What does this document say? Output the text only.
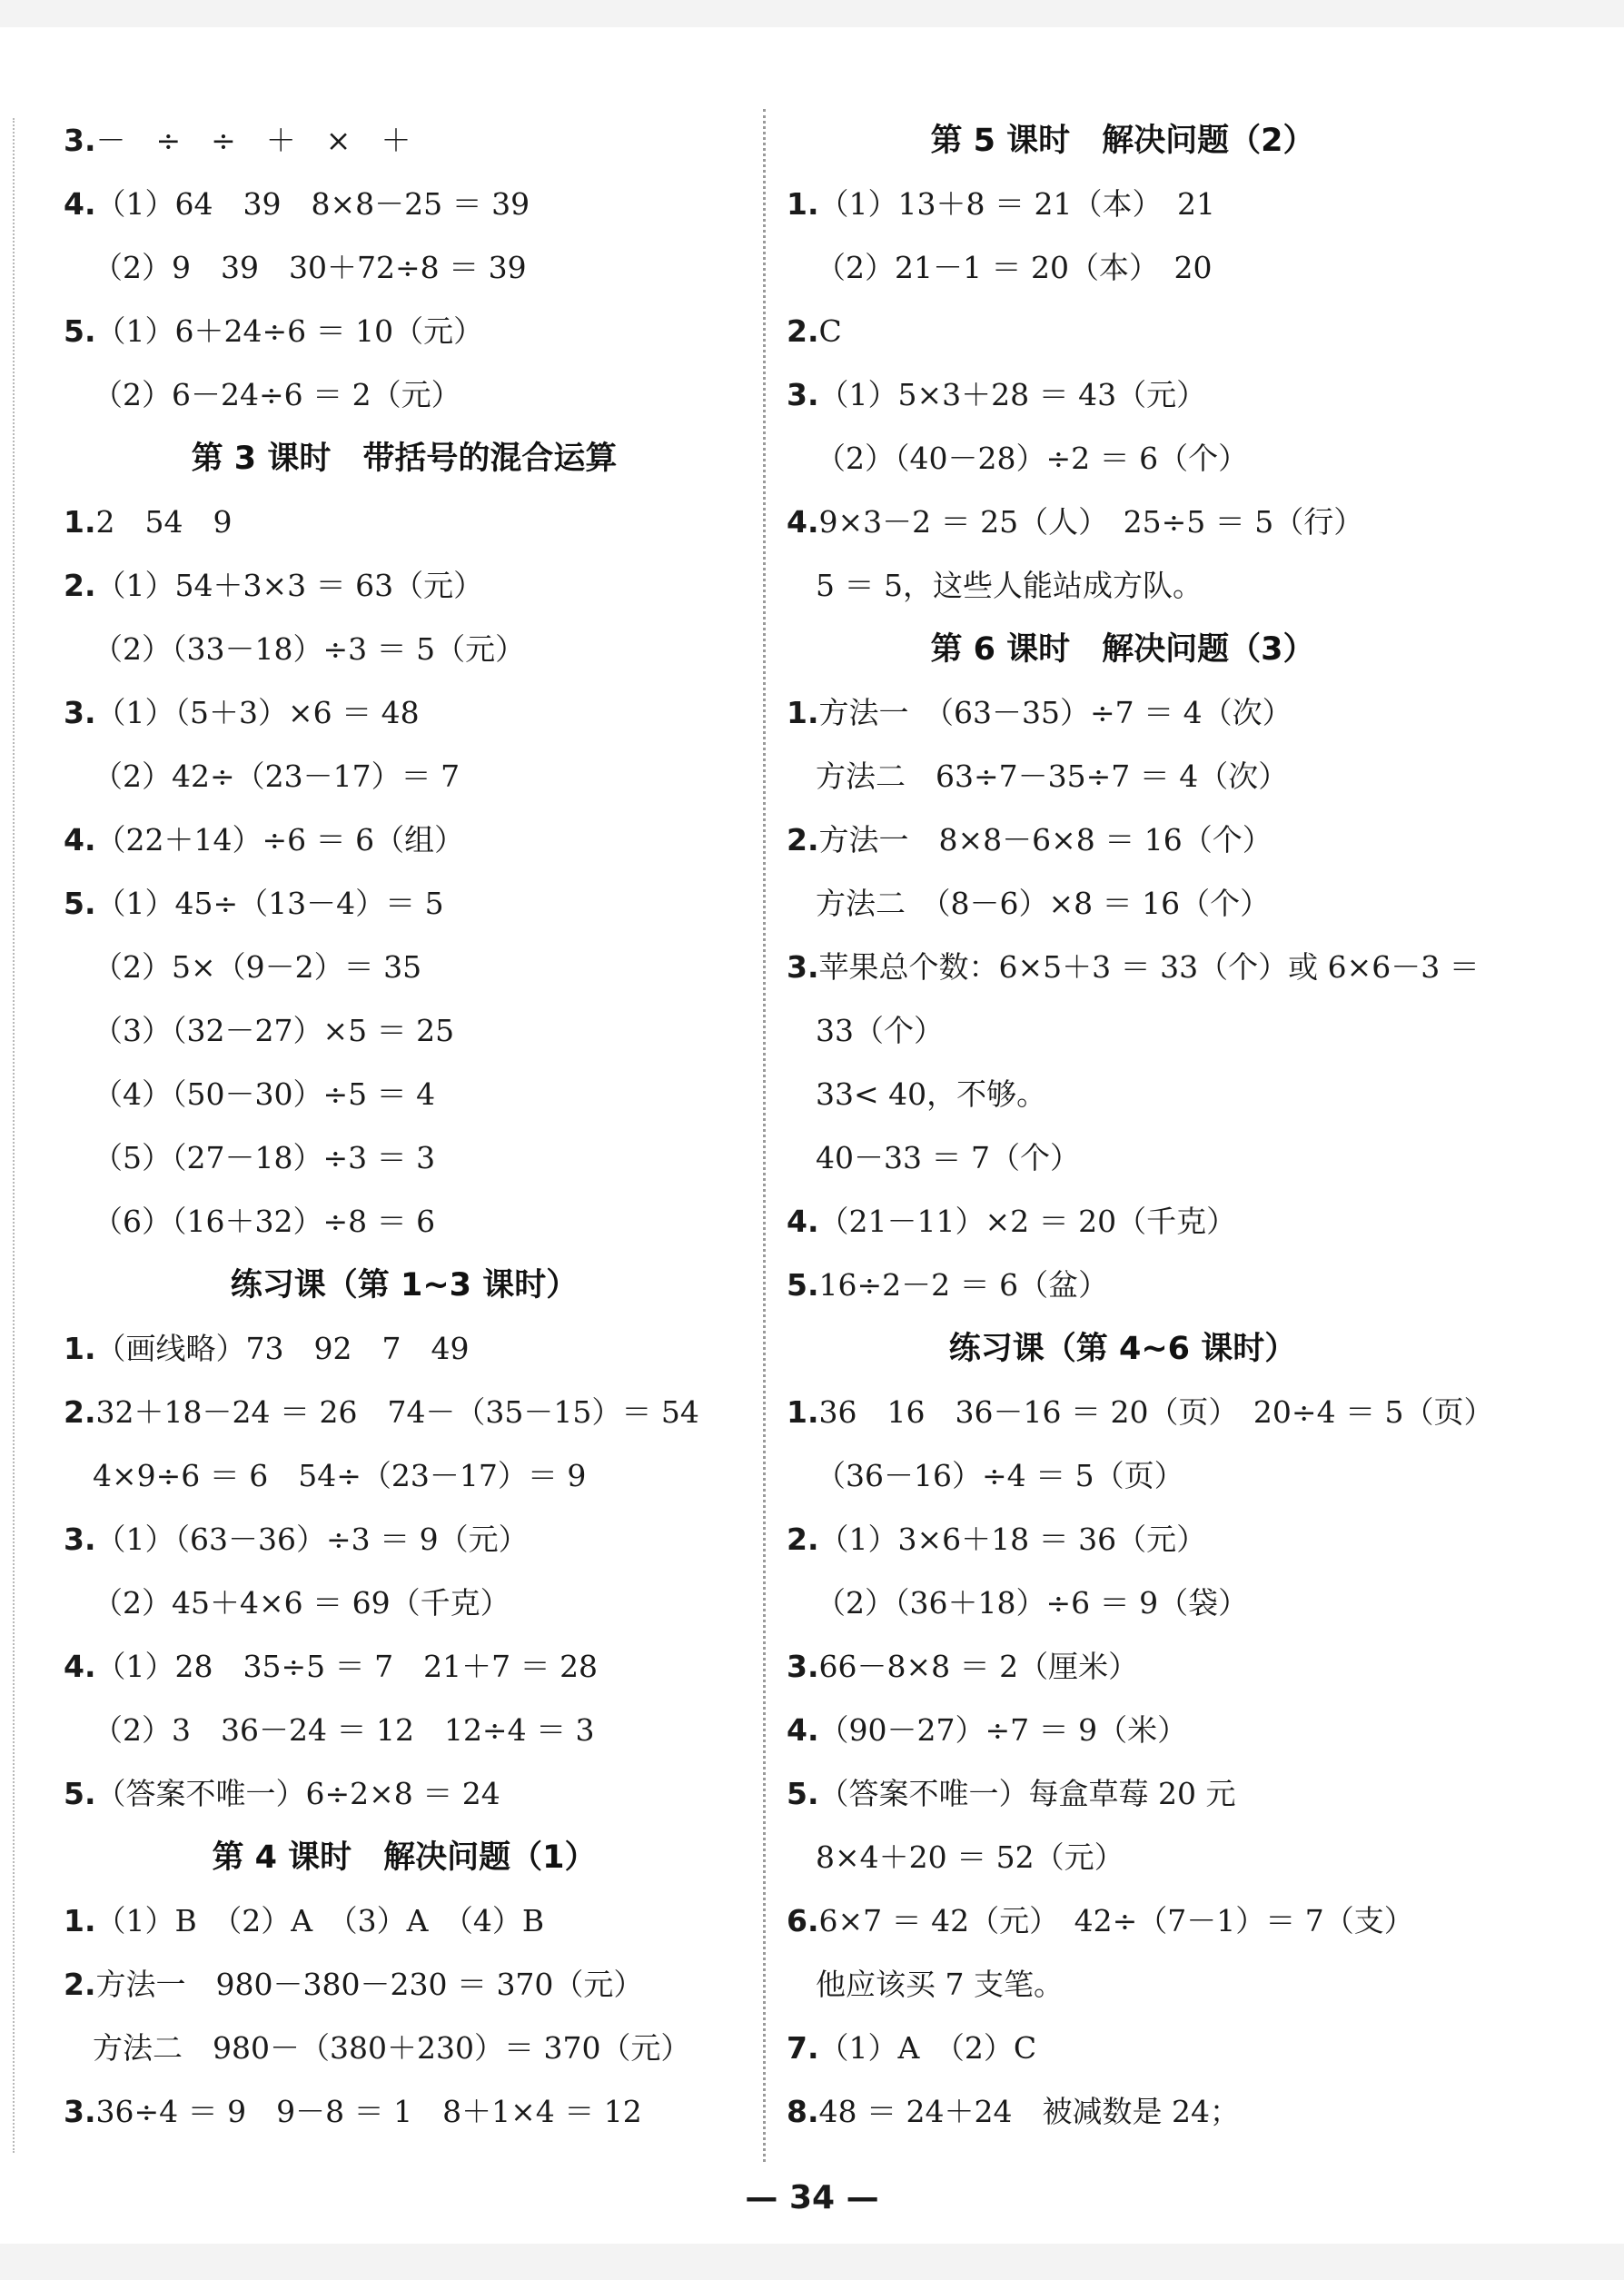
3.－　÷　÷　＋　×　＋
4.（1）64　39　8×8－25 ＝ 39
（2）9　39　30＋72÷8 ＝ 39
5.（1）6＋24÷6 ＝ 10（元）
（2）6－24÷6 ＝ 2（元）
第 3 课时　带括号的混合运算
1.2　54　9
2.（1）54＋3×3 ＝ 63（元）
（2）（33－18）÷3 ＝ 5（元）
3.（1）（5＋3）×6 ＝ 48
（2）42÷（23－17）＝ 7
4.（22＋14）÷6 ＝ 6（组）
5.（1）45÷（13－4）＝ 5
（2）5×（9－2）＝ 35
（3）（32－27）×5 ＝ 25
（4）（50－30）÷5 ＝ 4
（5）（27－18）÷3 ＝ 3
（6）（16＋32）÷8 ＝ 6
练习课（第 1~3 课时）
1.（画线略）73　92　7　49
2.32＋18－24 ＝ 26　74－（35－15）＝ 54
4×9÷6 ＝ 6　54÷（23－17）＝ 9
3.（1）（63－36）÷3 ＝ 9（元）
（2）45＋4×6 ＝ 69（千克）
4.（1）28　35÷5 ＝ 7　21＋7 ＝ 28
（2）3　36－24 ＝ 12　12÷4 ＝ 3
5.（答案不唯一）6÷2×8 ＝ 24
第 4 课时　解决问题（1）
1.（1）B　（2）A　（3）A　（4）B
2.方法一　980－380－230 ＝ 370（元）
方法二　980－（380＋230）＝ 370（元）
3.36÷4 ＝ 9　9－8 ＝ 1　8＋1×4 ＝ 12
第 5 课时　解决问题（2）
1.（1）13＋8 ＝ 21（本）　21
（2）21－1 ＝ 20（本）　20
2.C
3.（1）5×3＋28 ＝ 43（元）
（2）（40－28）÷2 ＝ 6（个）
4.9×3－2 ＝ 25（人）　25÷5 ＝ 5（行）
5 ＝ 5，这些人能站成方队。
第 6 课时　解决问题（3）
1.方法一　（63－35）÷7 ＝ 4（次）
方法二　63÷7－35÷7 ＝ 4（次）
2.方法一　8×8－6×8 ＝ 16（个）
方法二　（8－6）×8 ＝ 16（个）
3.苹果总个数：6×5＋3 ＝ 33（个）或 6×6－3 ＝
33（个）
33< 40，不够。
40－33 ＝ 7（个）
4.（21－11）×2 ＝ 20（千克）
5.16÷2－2 ＝ 6（盆）
练习课（第 4~6 课时）
1.36　16　36－16 ＝ 20（页）　20÷4 ＝ 5（页）
（36－16）÷4 ＝ 5（页）
2.（1）3×6＋18 ＝ 36（元）
（2）（36＋18）÷6 ＝ 9（袋）
3.66－8×8 ＝ 2（厘米）
4.（90－27）÷7 ＝ 9（米）
5.（答案不唯一）每盒草莓 20 元
8×4＋20 ＝ 52（元）
6.6×7 ＝ 42（元）　42÷（7－1）＝ 7（支）
他应该买 7 支笔。
7.（1）A　（2）C
8.48 ＝ 24＋24　被减数是 24；
— 34 —
